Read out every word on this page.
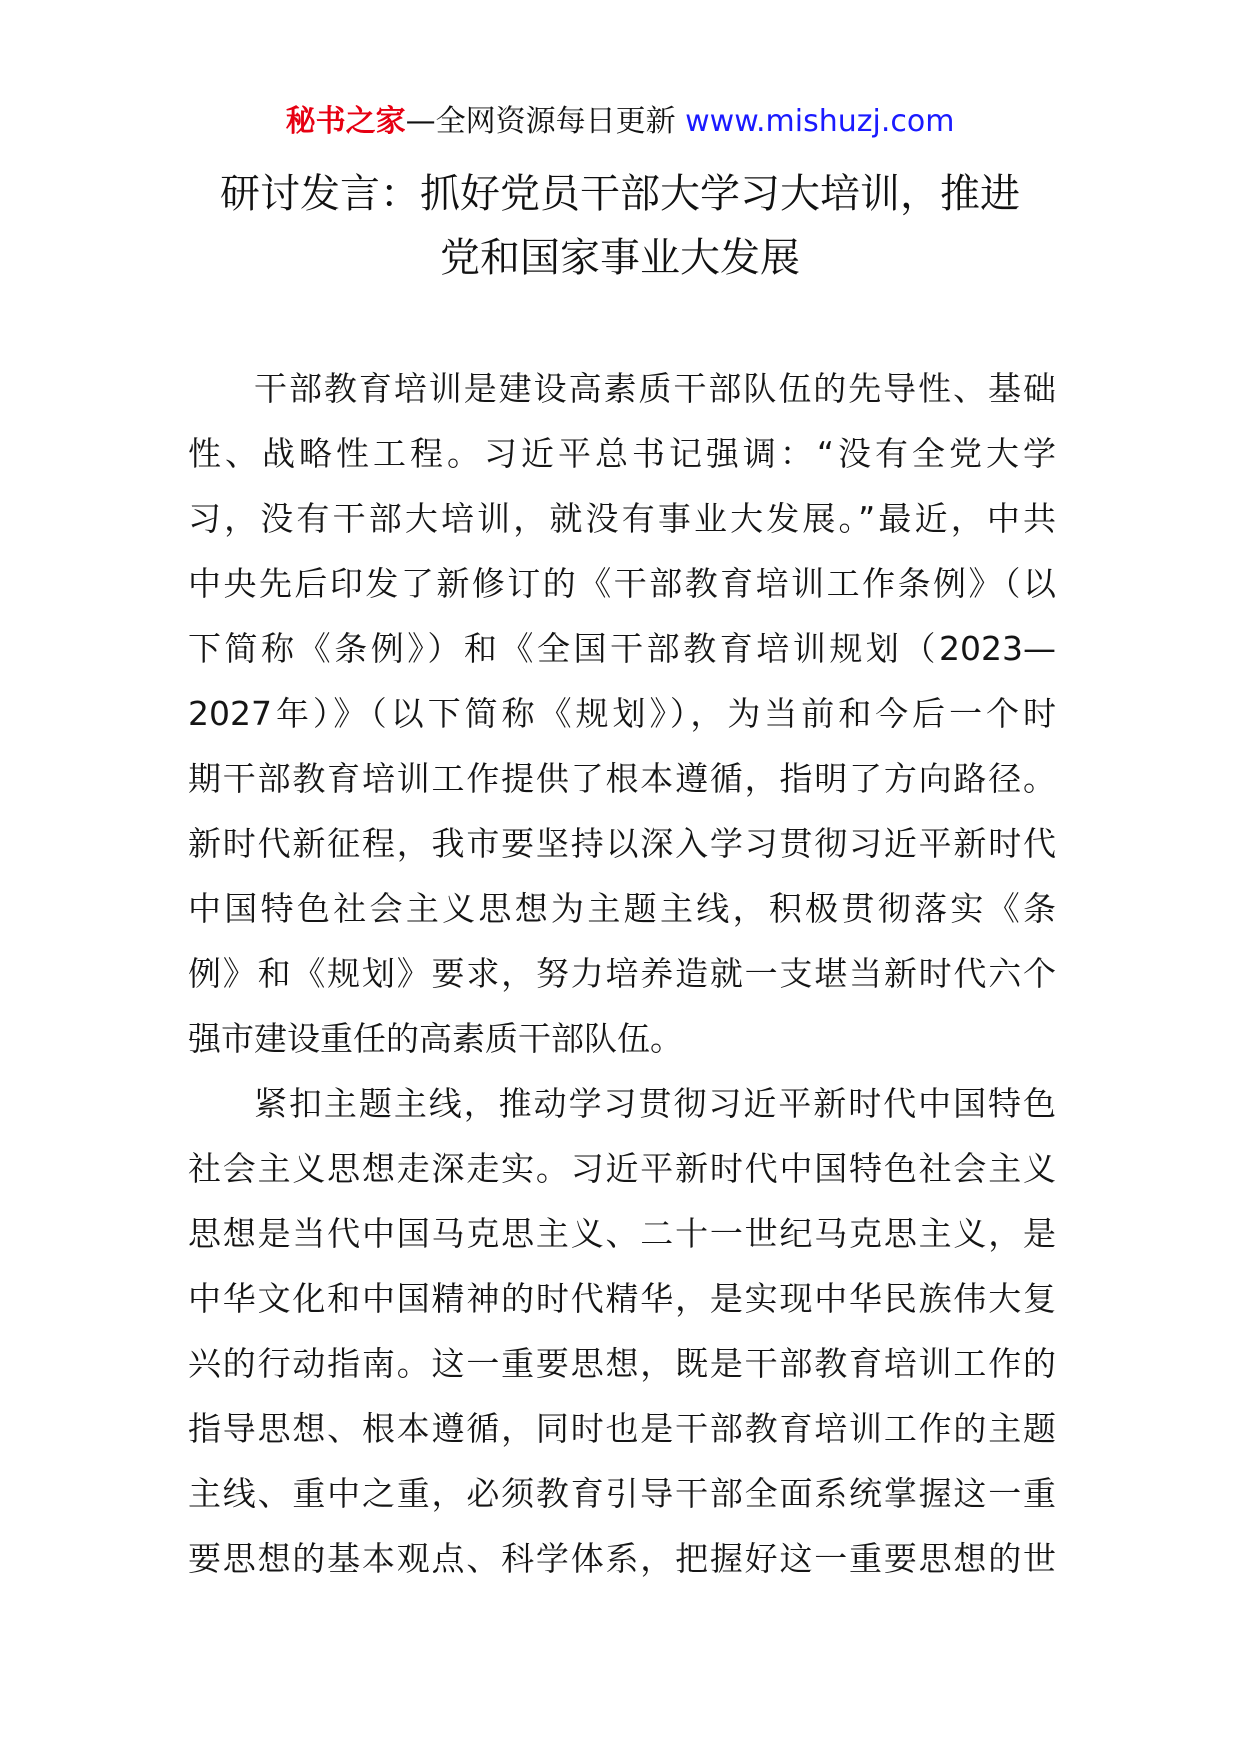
秘书之家—全网资源每日更新 www.mishuzj.com
研讨发言：抓好党员干部大学习大培训，推进
党和国家事业大发展

干部教育培训是建设高素质干部队伍的先导性、基础
性、战略性工程。习近平总书记强调：“没有全党大学
习，没有干部大培训，就没有事业大发展。”最近，中共
中央先后印发了新修订的《干部教育培训工作条例》（以
下简称《条例》）和《全国干部教育培训规划（2023—
2027年）》（以下简称《规划》），为当前和今后一个时
期干部教育培训工作提供了根本遵循，指明了方向路径。
新时代新征程，我市要坚持以深入学习贯彻习近平新时代
中国特色社会主义思想为主题主线，积极贯彻落实《条
例》和《规划》要求，努力培养造就一支堪当新时代六个
强市建设重任的高素质干部队伍。

紧扣主题主线，推动学习贯彻习近平新时代中国特色
社会主义思想走深走实。习近平新时代中国特色社会主义
思想是当代中国马克思主义、二十一世纪马克思主义，是
中华文化和中国精神的时代精华，是实现中华民族伟大复
兴的行动指南。这一重要思想，既是干部教育培训工作的
指导思想、根本遵循，同时也是干部教育培训工作的主题
主线、重中之重，必须教育引导干部全面系统掌握这一重
要思想的基本观点、科学体系，把握好这一重要思想的世
